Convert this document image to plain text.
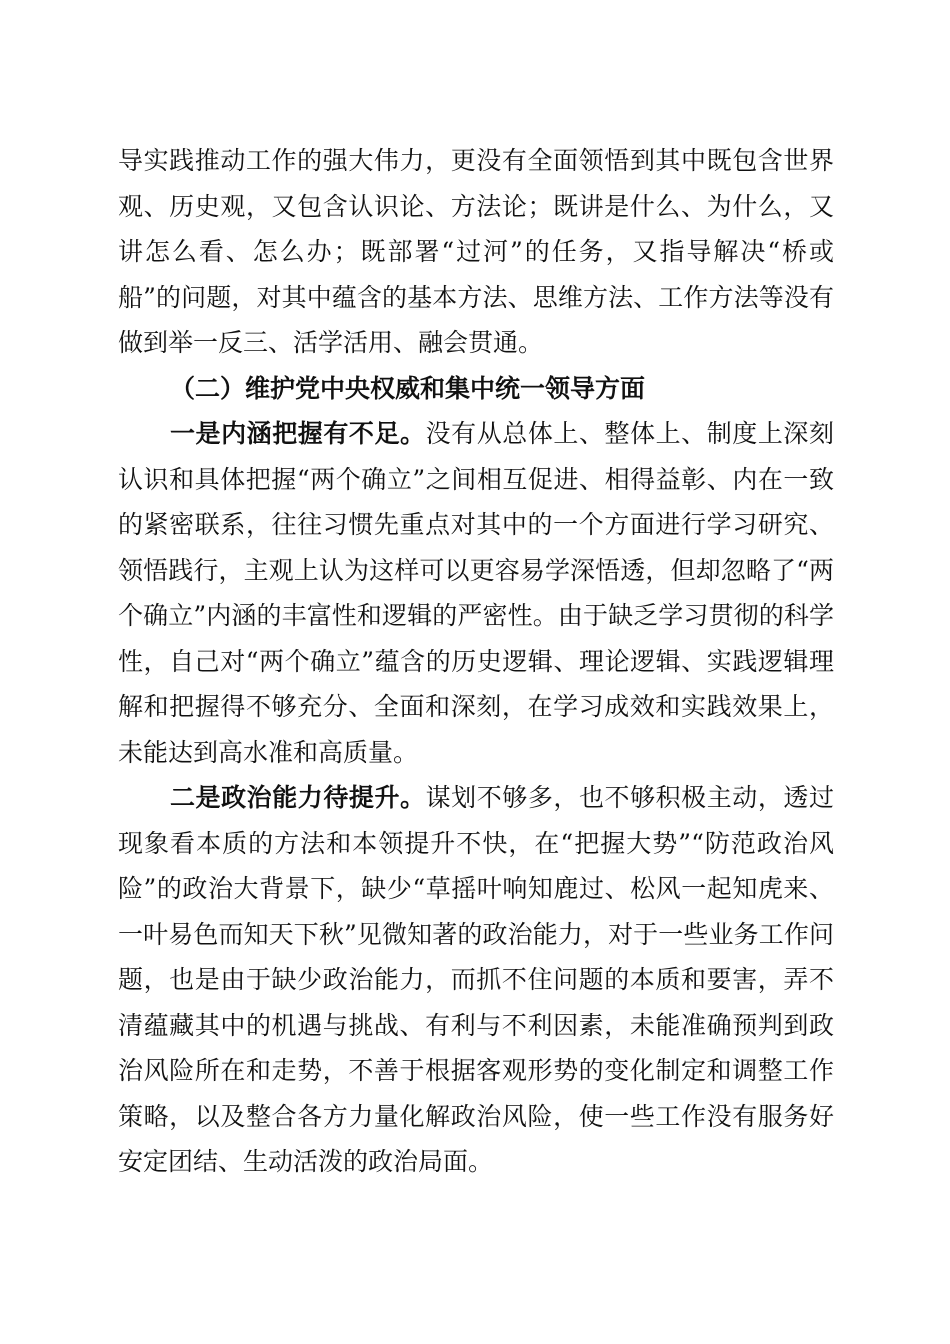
导实践推动工作的强大伟力，更没有全面领悟到其中既包含世界观、历史观，又包含认识论、方法论；既讲是什么、为什么，又讲怎么看、怎么办；既部署“过河”的任务，又指导解决“桥或船”的问题，对其中蕴含的基本方法、思维方法、工作方法等没有做到举一反三、活学活用、融会贯通。

（二）维护党中央权威和集中统一领导方面

一是内涵把握有不足。没有从总体上、整体上、制度上深刻认识和具体把握“两个确立”之间相互促进、相得益彰、内在一致的紧密联系，往往习惯先重点对其中的一个方面进行学习研究、领悟践行，主观上认为这样可以更容易学深悟透，但却忽略了“两个确立”内涵的丰富性和逻辑的严密性。由于缺乏学习贯彻的科学性，自己对“两个确立”蕴含的历史逻辑、理论逻辑、实践逻辑理解和把握得不够充分、全面和深刻，在学习成效和实践效果上，未能达到高水准和高质量。

二是政治能力待提升。谋划不够多，也不够积极主动，透过现象看本质的方法和本领提升不快，在“把握大势”“防范政治风险”的政治大背景下，缺少“草摇叶响知鹿过、松风一起知虎来、一叶易色而知天下秋”见微知著的政治能力，对于一些业务工作问题，也是由于缺少政治能力，而抓不住问题的本质和要害，弄不清蕴藏其中的机遇与挑战、有利与不利因素，未能准确预判到政治风险所在和走势，不善于根据客观形势的变化制定和调整工作策略，以及整合各方力量化解政治风险，使一些工作没有服务好安定团结、生动活泼的政治局面。
